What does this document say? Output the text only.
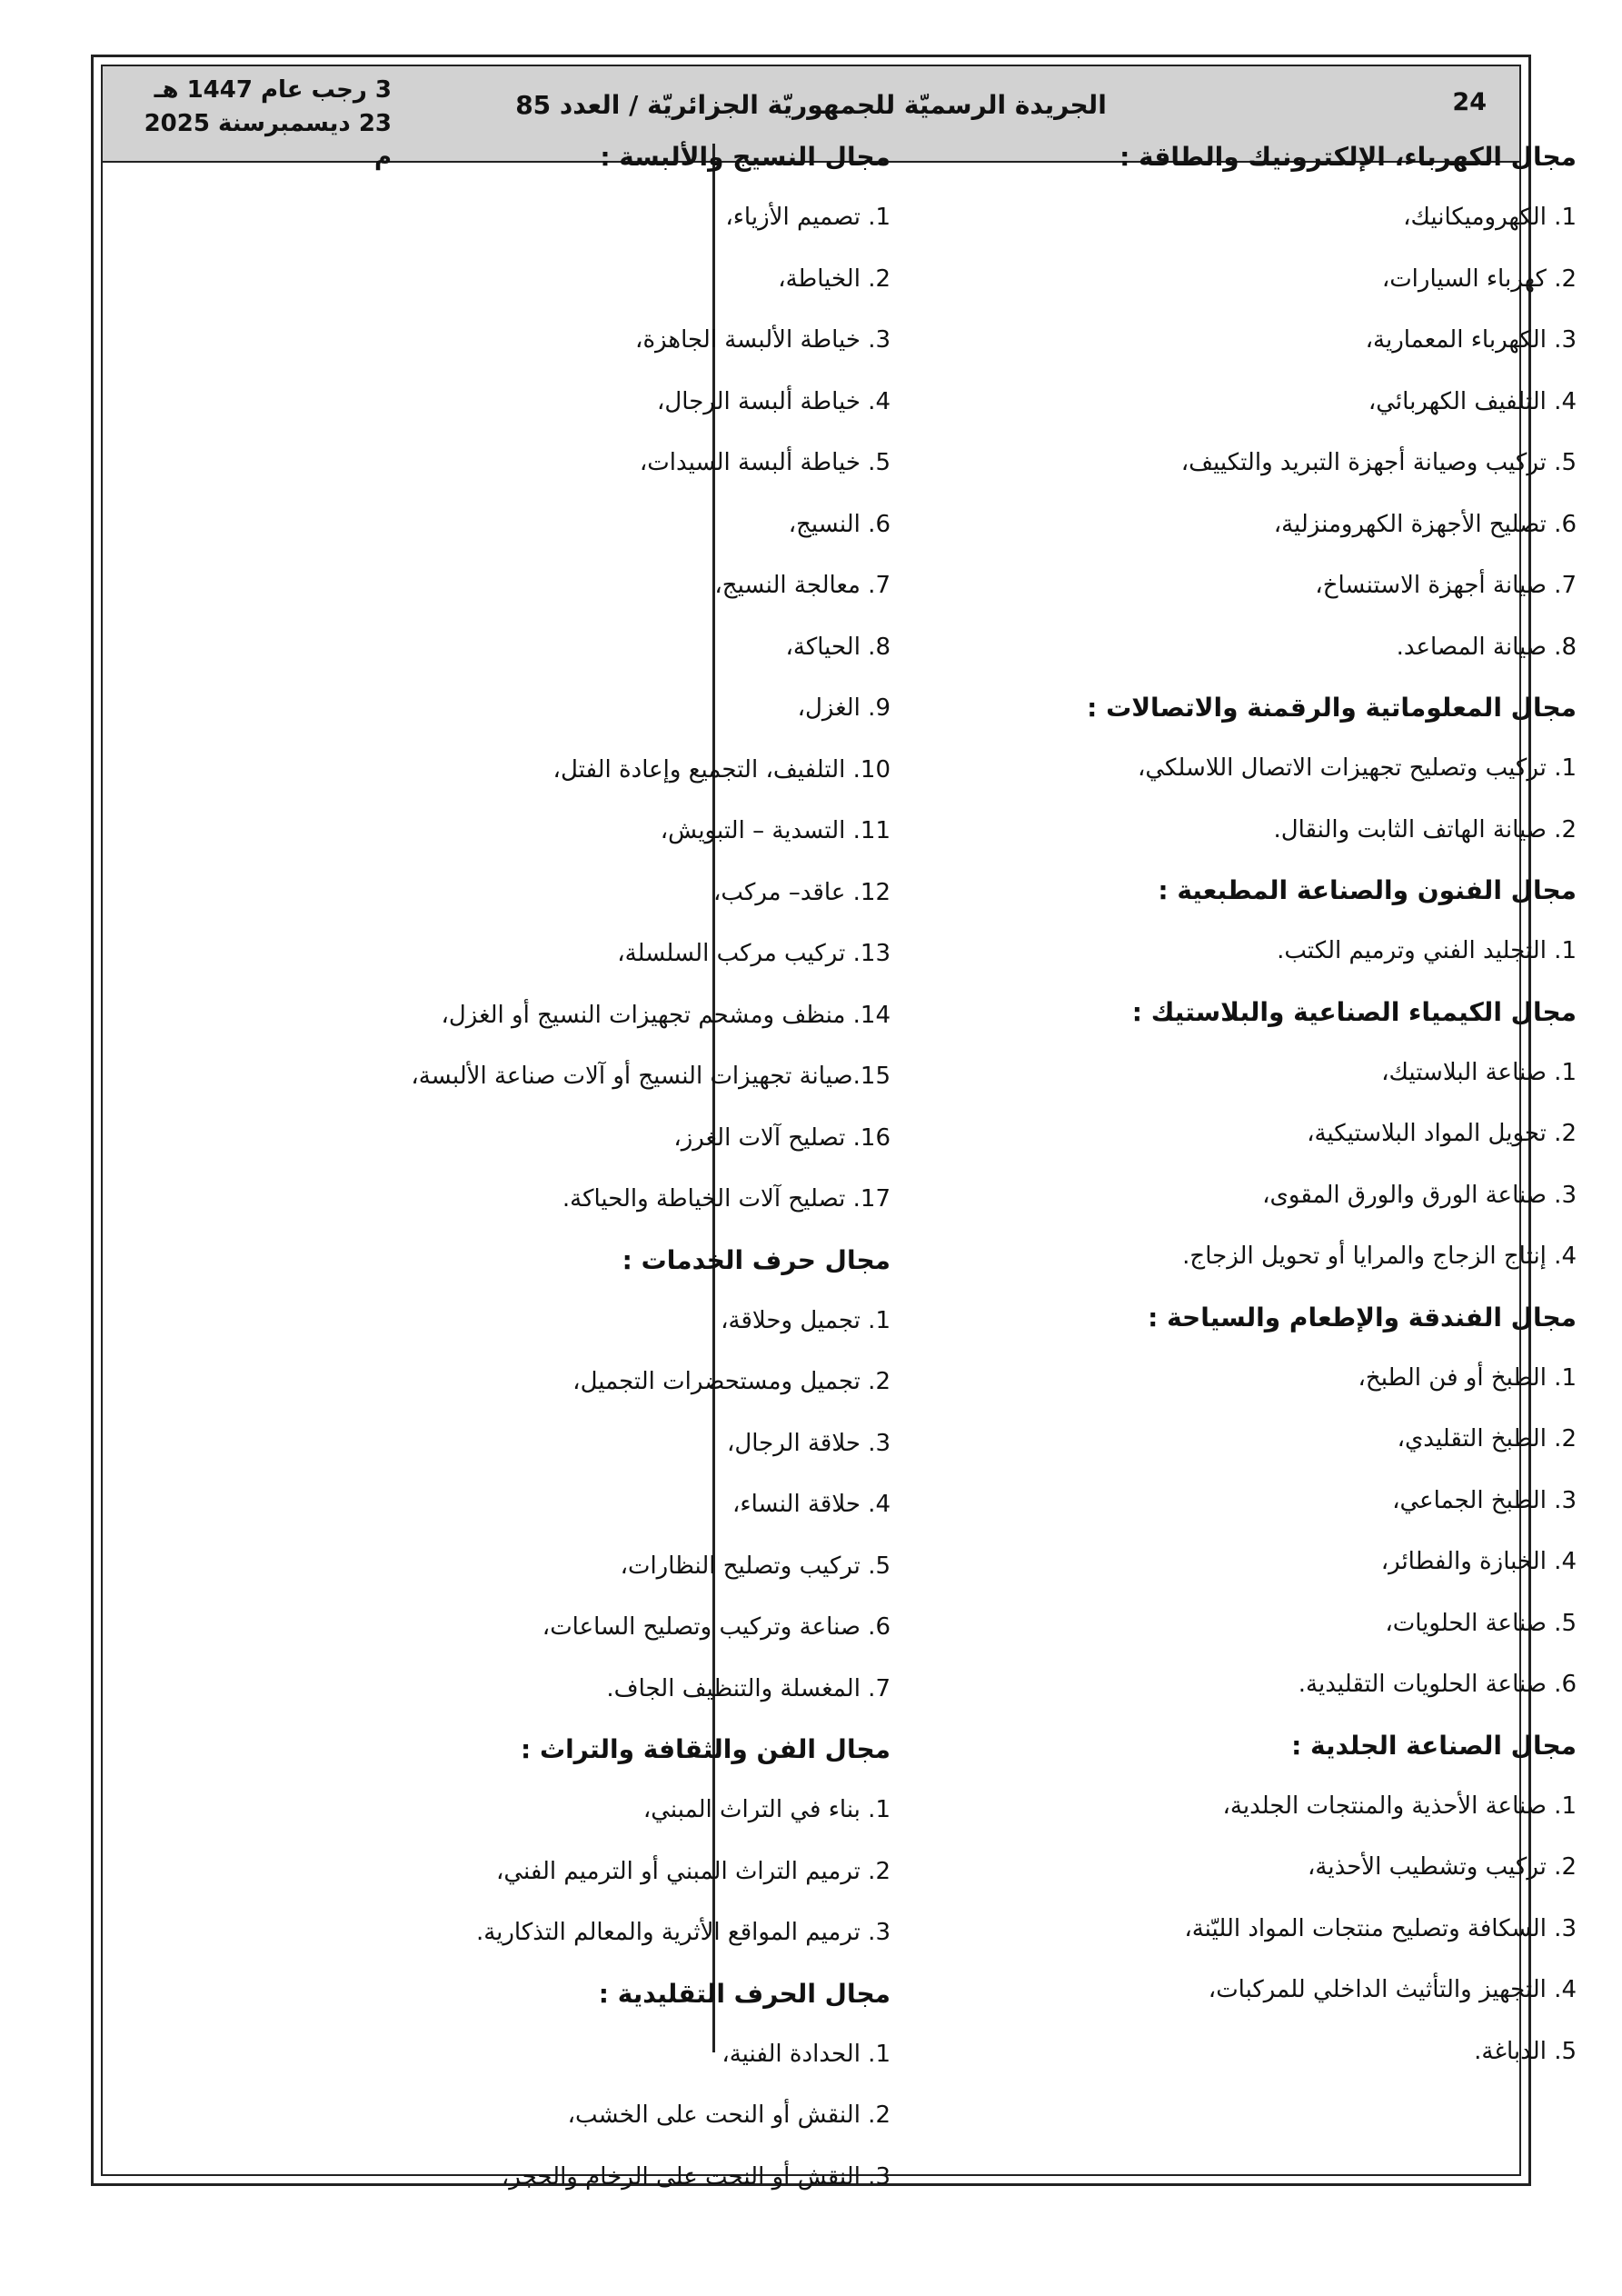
24
الجريدة الرسميّة للجمهوريّة الجزائريّة / العدد 85
3 رجب عام 1447 هـ
23 ديسمبرسنة 2025 م	مجال الكهرباء، الإلكترونيك والطاقة :
1. الكهروميكانيك،
2. كهرباء السيارات،
3. الكهرباء المعمارية،
4. التلفيف الكهربائي،
5. تركيب وصيانة أجهزة التبريد والتكييف،
6. تصليح الأجهزة الكهرومنزلية،
7. صيانة أجهزة الاستنساخ،
8. صيانة المصاعد.
مجال المعلوماتية والرقمنة والاتصالات :
1. تركيب وتصليح تجهيزات الاتصال اللاسلكي،
2. صيانة الهاتف الثابت والنقال.
مجال الفنون والصناعة المطبعية :
1. التجليد الفني وترميم الكتب.
مجال الكيمياء الصناعية والبلاستيك :
1. صناعة البلاستيك،
2. تحويل المواد البلاستيكية،
3. صناعة الورق والورق المقوى،
4. إنتاج الزجاج والمرايا أو تحويل الزجاج.
مجال الفندقة والإطعام والسياحة :
1. الطبخ أو فن الطبخ،
2. الطبخ التقليدي،
3. الطبخ الجماعي،
4. الخبازة والفطائر،
5. صناعة الحلويات،
6. صناعة الحلويات التقليدية.
مجال الصناعة الجلدية :
1. صناعة الأحذية والمنتجات الجلدية،
2. تركيب وتشطيب الأحذية،
3. السكافة وتصليح منتجات المواد الليّنة،
4. التجهيز والتأثيث الداخلي للمركبات،
5. الدباغة.
مجال النسيج والألبسة :
1. تصميم الأزياء،
2. الخياطة،
3. خياطة الألبسة الجاهزة،
4. خياطة ألبسة الرجال،
5. خياطة ألبسة السيدات،
6. النسيج،
7. معالجة النسيج،
8. الحياكة،
9. الغزل،
10. التلفيف، التجميع وإعادة الفتل،
11. التسدية – التبويش،
12. عاقد– مركب،
13. تركيب مركب السلسلة،
14. منظف ومشحم تجهيزات النسيج أو الغزل،
15.صيانة تجهيزات النسيج أو آلات صناعة الألبسة،
16. تصليح آلات الغرز،
17. تصليح آلات الخياطة والحياكة.
مجال حرف الخدمات :
1. تجميل وحلاقة،
2. تجميل ومستحضرات التجميل،
3. حلاقة الرجال،
4. حلاقة النساء،
5. تركيب وتصليح النظارات،
6. صناعة وتركيب وتصليح الساعات،
7. المغسلة والتنظيف الجاف.
مجال الفن والثقافة والتراث :
1. بناء في التراث المبني،
2. ترميم التراث المبني أو الترميم الفني،
3. ترميم المواقع الأثرية والمعالم التذكارية.
مجال الحرف التقليدية :
1. الحدادة الفنية،
2. النقش أو النحت على الخشب،
3. النقش أو النحت على الرخام والحجر،
